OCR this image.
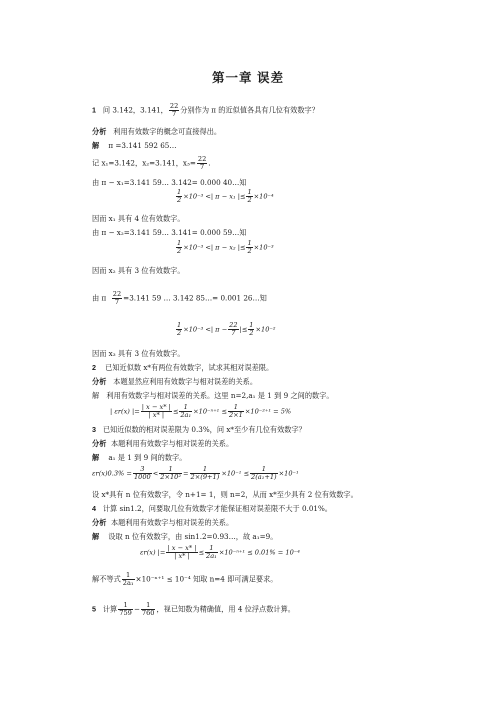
第一章 误差
1 问 3.142，3.141， $\frac{22}{7}$ 分别作为 π 的近似值各具有几位有效数字？
分析 利用有效数字的概念可直接得出。
解 π =3.141 592 65…
记 x₁=3.142，x₂=3.141，$x_3= \frac{22}{7}$ .
由 π − x₁=3.141 59… 3.142= 0.000 40…知
$\frac{1}{2} \times 10^{-3}$ <| π − x₁ |≤ $\frac{1}{2} \times 10^{-4}$
因而 x₁ 具有 4 位有效数字。
由 π − x₂=3.141 59… 3.141= 0.000 59…知
$\frac{1}{2} \times 10^{-3}$ <| π − x₂ |≤ $\frac{1}{2} \times 10^{-3}$
因而 x₂ 具有 3 位有效数字。
由 π $\frac{22}{7} =3.141$ 59 … 3.142 85…= 0.001 26…知
$\frac{1}{2} \times 10^{-3}$ <| $\pi - \frac{22}{7}$ |≤ $\frac{1}{2} \times 10^{-2}$
因而 x₃ 具有 3 位有效数字。
2 已知近似数 x*有两位有效数字，试求其相对误差限。
分析 本题显然应利用有效数字与相对误差的关系。
解　利用有效数字与相对误差的关系。这里 n=2,a₁ 是 1 到 9 之间的数字。
| εr(x) |= $\frac{| x - x* |}{| x* |} \le \frac{1}{\text{2a₁}} \times 10^{-n+1} \le \frac{1}{2\times 1} \times 10^{-2+1} = 5\%$
3 已知近似数的相对误差限为 0.3%，问 x*至少有几位有效数字？
分析 本题利用有效数字与相对误差的关系。
解 a₁ 是 1 到 9 间的数字。
$\varepsilon r(x)0.3\% = \frac{3}{1000} < \frac{1}{\text{2×10²}} = \frac{1}{2\times(9+1)} \times 10^{-1} \le \frac{1}{\text{2(a₁+1)}} \times 10^{-1}$
设 x*具有 n 位有效数字，令 n+1= 1，则 n=2，从而 x*至少具有 2 位有效数字。
4 计算 sin1.2，问要取几位有效数字才能保证相对误差限不大于 0.01%。
分析 本题利用有效数字与相对误差的关系。
解 设取 n 位有效数字，由 sin1.2=0.93…，故 a₁=9。
εr(x) |= $\frac{| x - x* |}{| x* |} \le \frac{1}{\text{2a₁}} \times 10^{-n+1} \le 0.01\% = 10^{-4}$
解不等式 $\frac{1}{\text{2a₁}} \times 10^{-n+1} \le 10^{-4}$ 知取 n=4 即可满足要求。
5 计算 $\frac{1}{759} - \frac{1}{760}$ ，视已知数为精确值，用 4 位浮点数计算。
